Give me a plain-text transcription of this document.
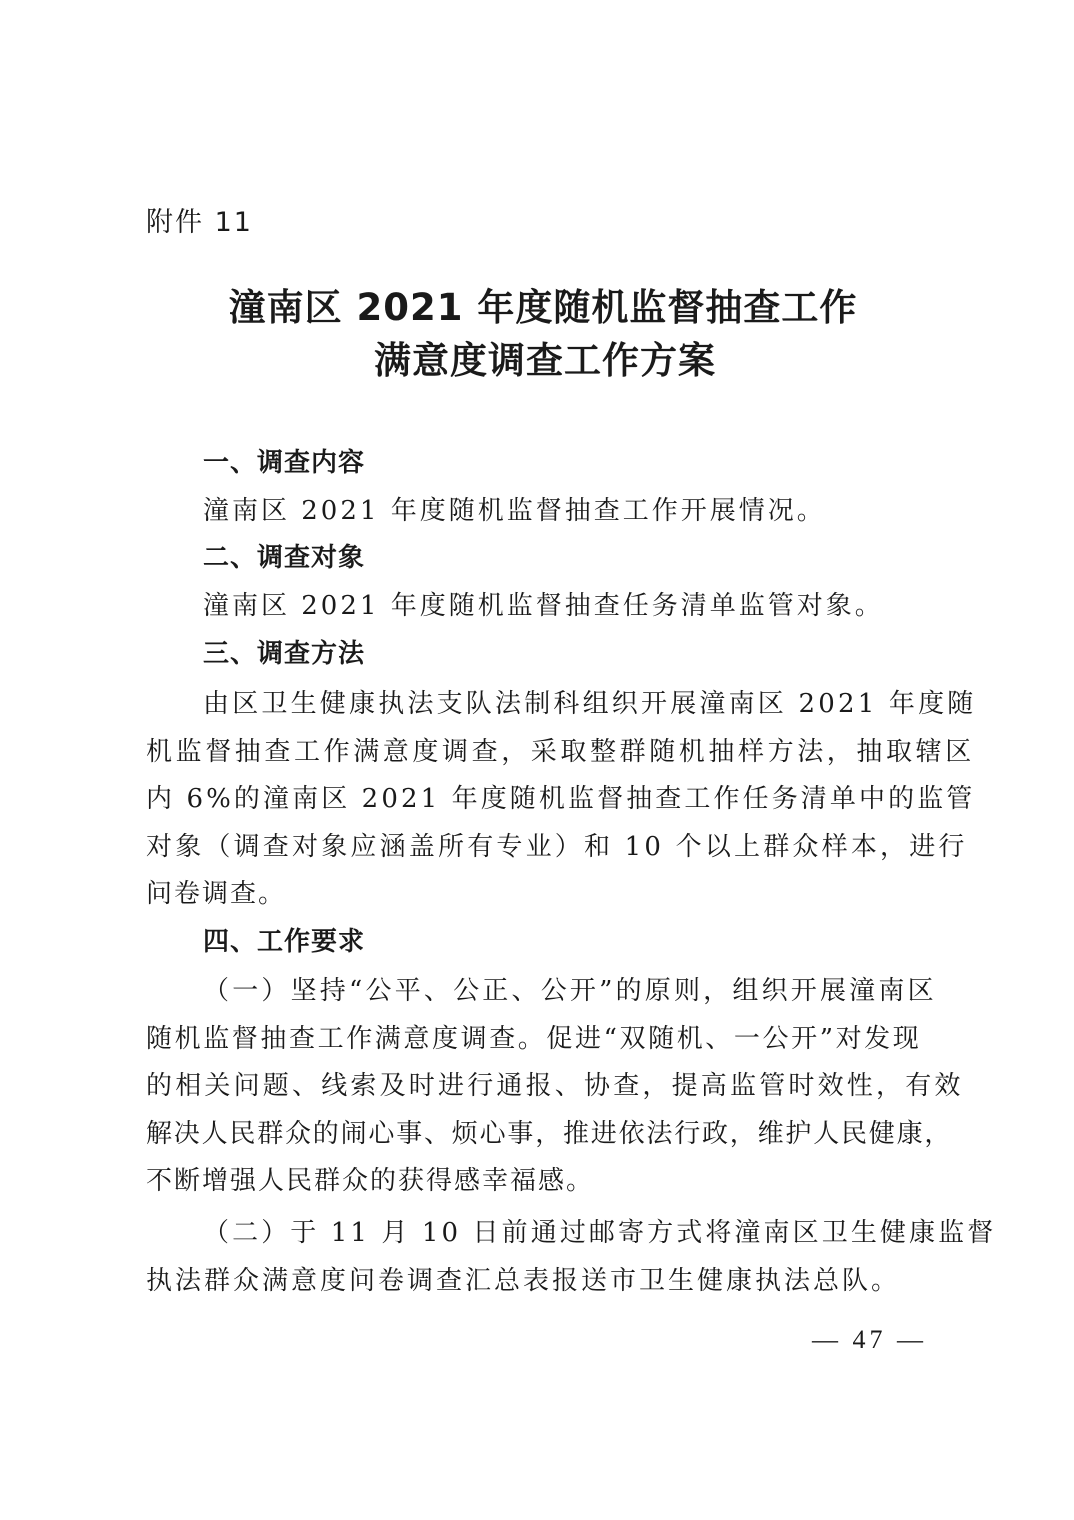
附件 11
潼南区 2021 年度随机监督抽查工作
满意度调查工作方案
一、调查内容
潼南区 2021 年度随机监督抽查工作开展情况。
二、调查对象
潼南区 2021 年度随机监督抽查任务清单监管对象。
三、调查方法
由区卫生健康执法支队法制科组织开展潼南区 2021 年度随
机监督抽查工作满意度调查，采取整群随机抽样方法，抽取辖区
内 6%的潼南区 2021 年度随机监督抽查工作任务清单中的监管
对象（调查对象应涵盖所有专业）和 10 个以上群众样本，进行
问卷调查。
四、工作要求
（一）坚持“公平、公正、公开”的原则，组织开展潼南区
随机监督抽查工作满意度调查。促进“双随机、一公开”对发现
的相关问题、线索及时进行通报、协查，提高监管时效性，有效
解决人民群众的闹心事、烦心事，推进依法行政，维护人民健康，
不断增强人民群众的获得感幸福感。
（二）于 11 月 10 日前通过邮寄方式将潼南区卫生健康监督
执法群众满意度问卷调查汇总表报送市卫生健康执法总队。
— 47 —
